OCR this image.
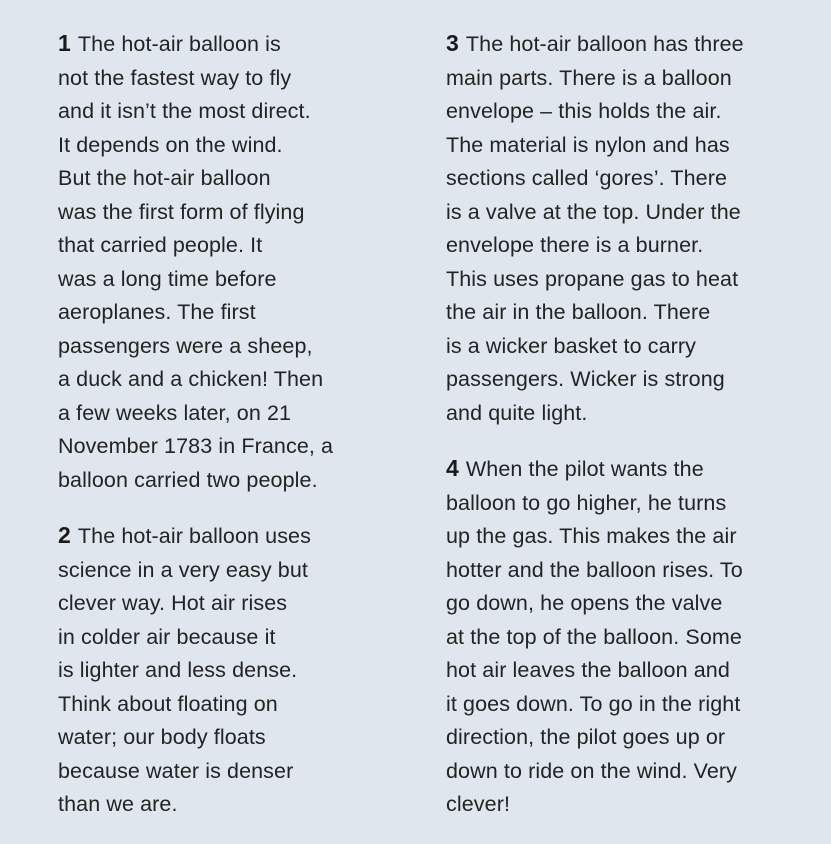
1 The hot-air balloon is
not the fastest way to fly
and it isn’t the most direct.
It depends on the wind.
But the hot-air balloon
was the first form of flying
that carried people. It
was a long time before
aeroplanes. The first
passengers were a sheep,
a duck and a chicken! Then
a few weeks later, on 21
November 1783 in France, a
balloon carried two people.

2 The hot-air balloon uses
science in a very easy but
clever way. Hot air rises
in colder air because it
is lighter and less dense.
Think about floating on
water; our body floats
because water is denser
than we are.

3 The hot-air balloon has three
main parts. There is a balloon
envelope – this holds the air.
The material is nylon and has
sections called ‘gores’. There
is a valve at the top. Under the
envelope there is a burner.
This uses propane gas to heat
the air in the balloon. There
is a wicker basket to carry
passengers. Wicker is strong
and quite light.

4 When the pilot wants the
balloon to go higher, he turns
up the gas. This makes the air
hotter and the balloon rises. To
go down, he opens the valve
at the top of the balloon. Some
hot air leaves the balloon and
it goes down. To go in the right
direction, the pilot goes up or
down to ride on the wind. Very
clever!
